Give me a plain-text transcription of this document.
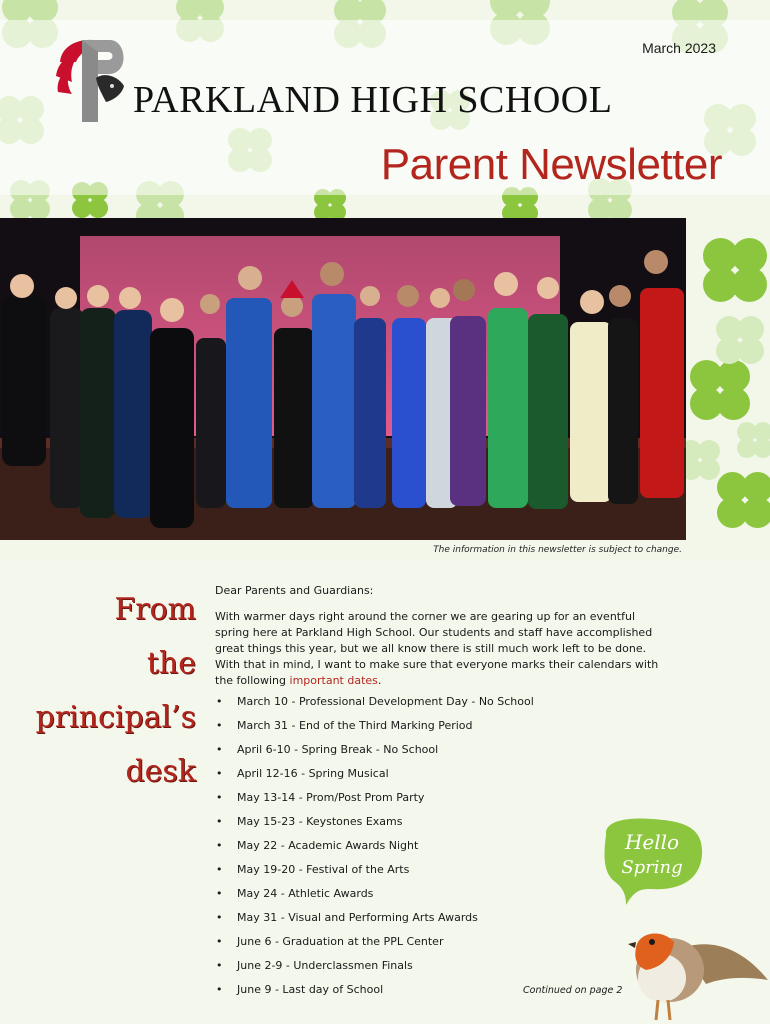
March 2023
PARKLAND HIGH SCHOOL
Parent Newsletter
The information in this newsletter is subject to change.
From
the
principal’s
desk
Dear Parents and Guardians:
With warmer days right around the corner we are gearing up for an eventful spring here at Parkland High School. Our students and staff have accomplished great things this year, but we all know there is still much work left to be done. With that in mind, I want to make sure that everyone marks their calendars with the following important dates.
• March 10 - Professional Development Day - No School
• March 31 - End of the Third Marking Period
• April 6-10 - Spring Break - No School
• April 12-16 - Spring Musical
• May 13-14 - Prom/Post Prom Party
• May 15-23 - Keystones Exams
• May 22 - Academic Awards Night
• May 19-20 - Festival of the Arts
• May 24 - Athletic Awards
• May 31 - Visual and Performing Arts Awards
• June 6 - Graduation at the PPL Center
• June 2-9 - Underclassmen Finals
• June 9 - Last day of School	Continued on page 2
Hello
Spring
